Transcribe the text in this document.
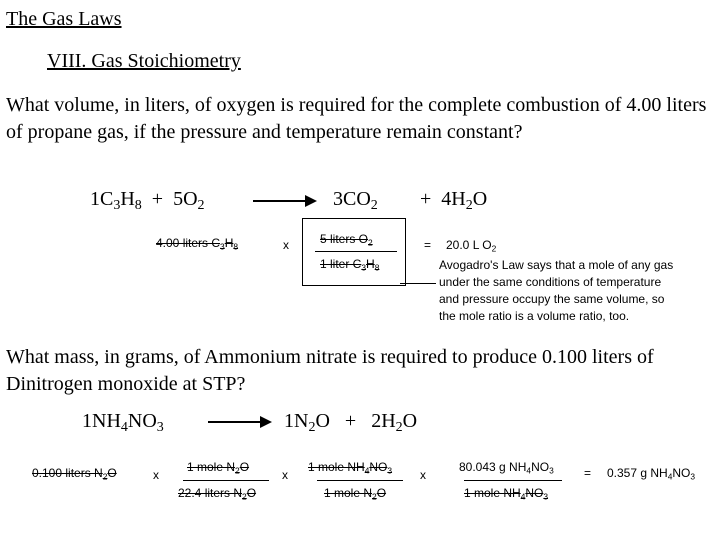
The Gas Laws
VIII. Gas Stoichiometry
What volume, in liters, of oxygen is required for the complete combustion of 4.00 liters of propane gas, if the pressure and temperature remain constant?
$1C_3H_8 + 5O_2$	→ $3CO_2 + 4H_2O$
4.00 liters $C_3H_8$	x	5 liters $O_2$
1 liter $C_3H_8$
= 20.0 L $O_2$
Avogadro's Law says that a mole of any gas
under the same conditions of temperature
and pressure occupy the same volume, so
the mole ratio is a volume ratio, too.
What mass, in grams, of Ammonium nitrate is required to produce 0.100 liters of Dinitrogen monoxide at STP?
$1NH_4NO_3$	→ $1N_2O + 2H_2O$
0.100 liters $N_2O$	x
1 mole $N_2O$
22.4 liters $N_2O$
x
1 mole $NH_4NO_3$
1 mole $N_2O$
x
80.043 g $NH_4NO_3$
1 mole $NH_4NO_3$
= 0.357 g $NH_4NO_3$
